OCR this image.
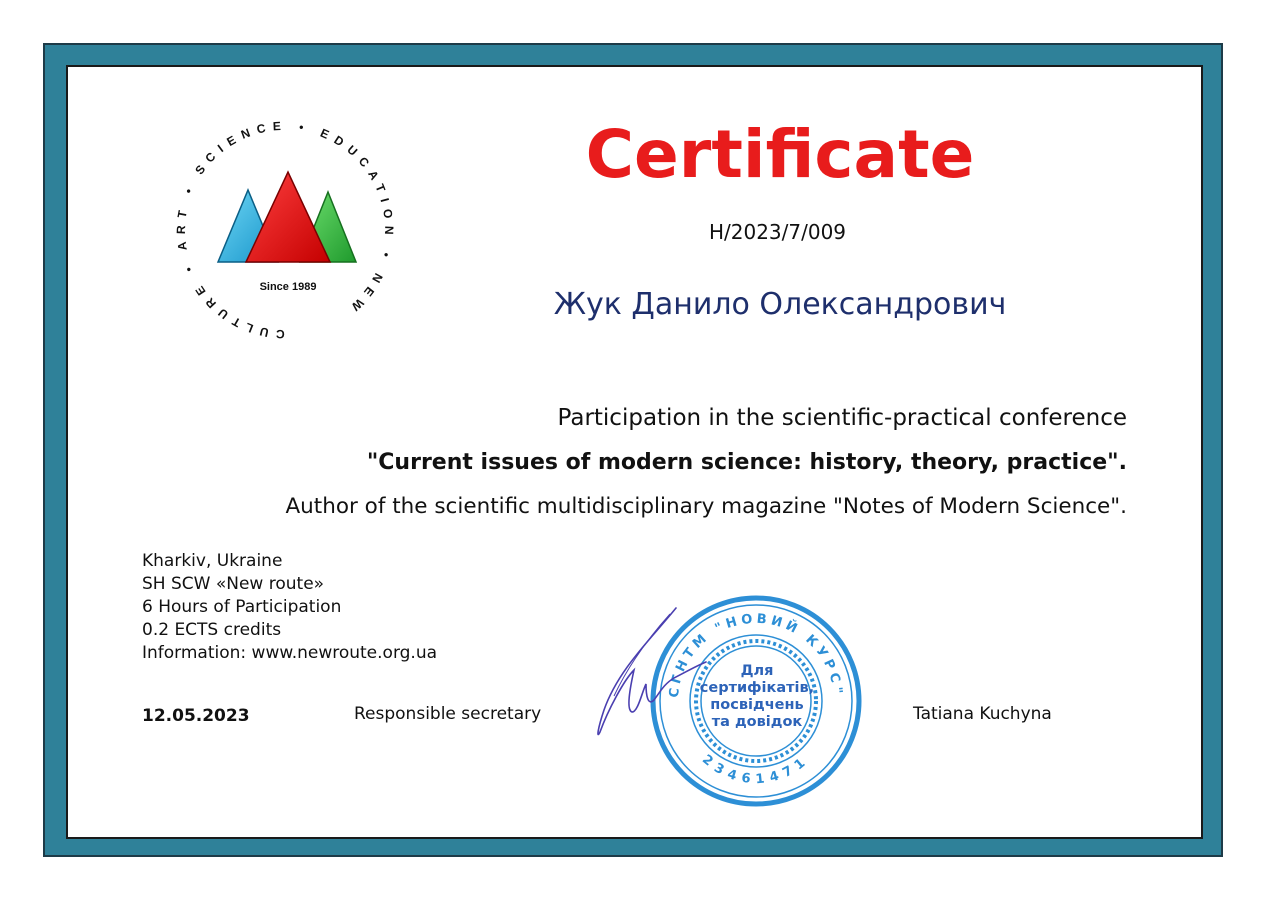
CULTURE • ART • SCIENCE • EDUCATION • NEW
Since 1989
Certificate
H/2023/7/009
Жук Данило Олександрович
Participation in the scientific-practical conference
"Current issues of modern science: history, theory, practice".
Author of the scientific multidisciplinary magazine "Notes of Modern Science".
Kharkiv, Ukraine
SH SCW «New route»
6 Hours of Participation
0.2 ECTS credits
Information: www.newroute.org.ua
12.05.2023	Responsible secretary	Tatiana Kuchyna
СГНТМ "НОВИЙ КУРС"
23461471
Для
сертифікатів,
посвідчень
та довідок
